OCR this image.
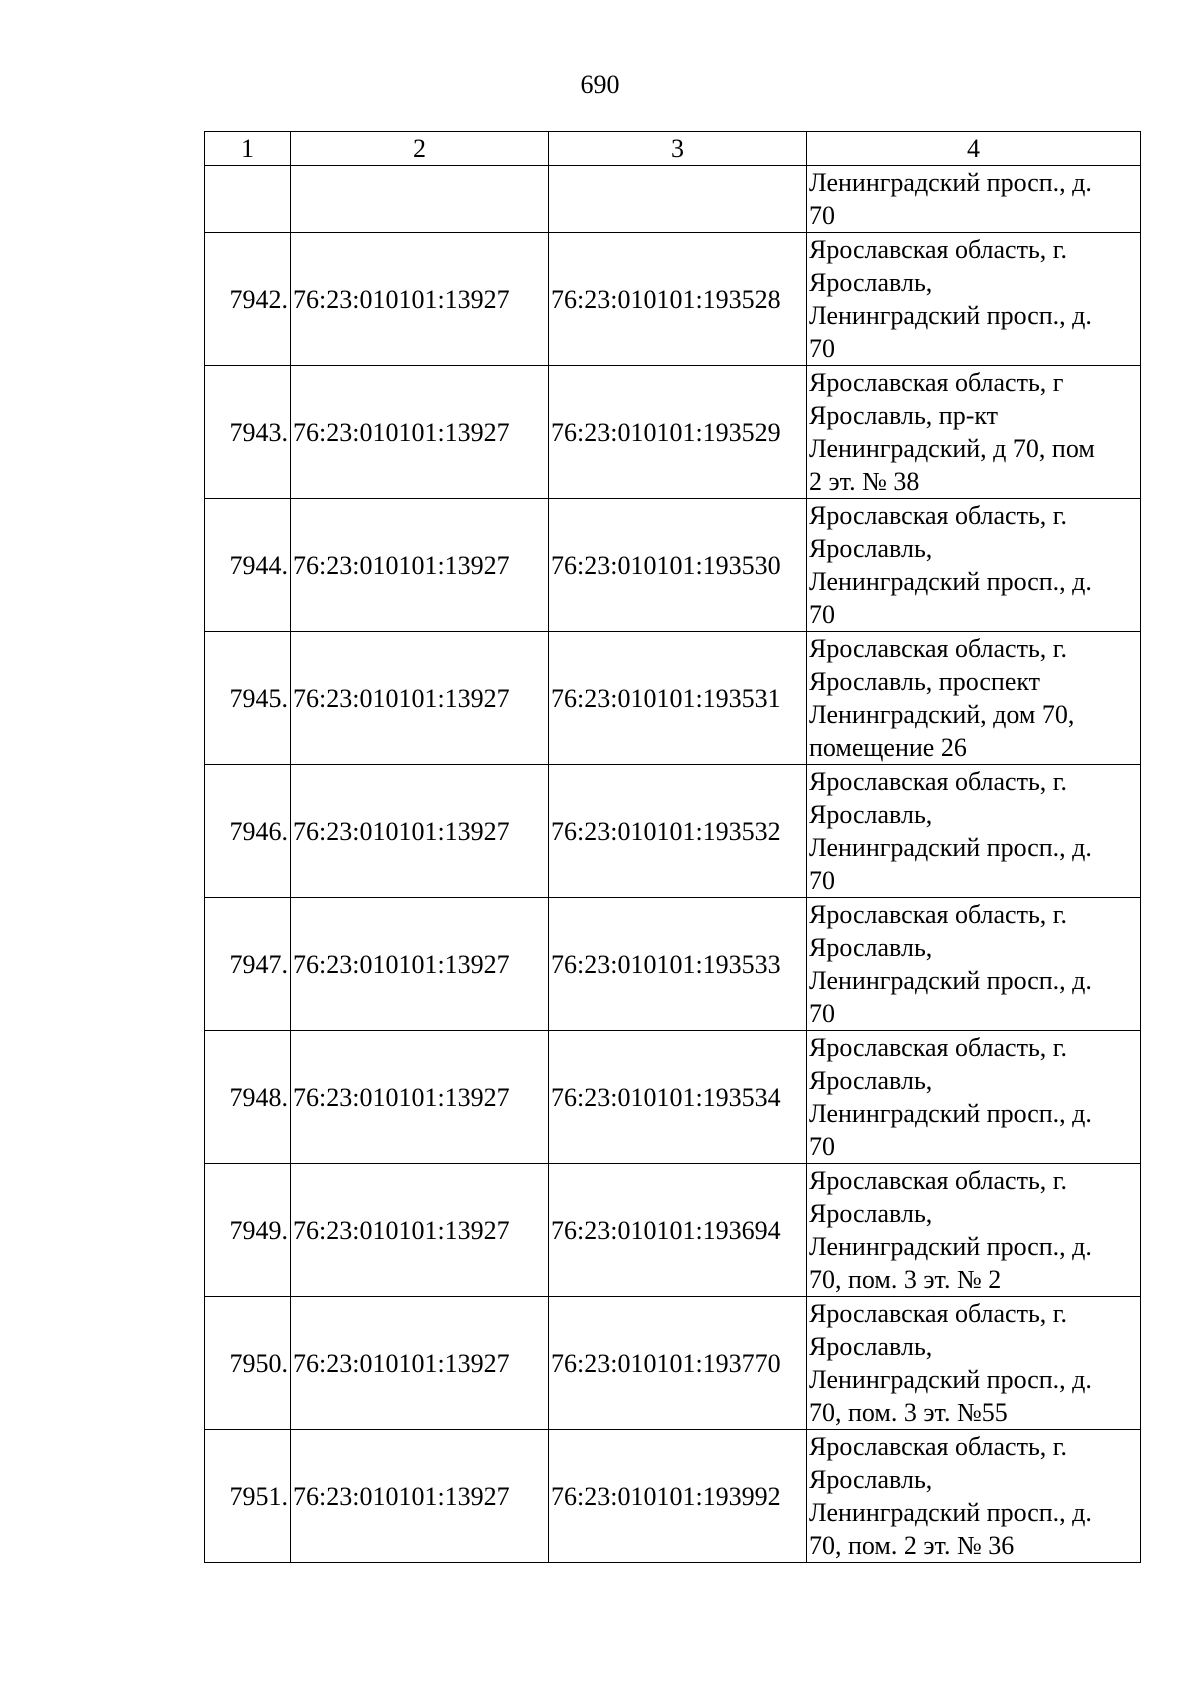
690
1	2	3	4

			Ленинградский просп., д.
70

7942.	76:23:010101:13927	76:23:010101:193528	Ярославская область, г.
Ярославль,
Ленинградский просп., д.
70

7943.	76:23:010101:13927	76:23:010101:193529	Ярославская область, г
Ярославль, пр-кт
Ленинградский, д 70, пом
2 эт. № 38

7944.	76:23:010101:13927	76:23:010101:193530	Ярославская область, г.
Ярославль,
Ленинградский просп., д.
70

7945.	76:23:010101:13927	76:23:010101:193531	Ярославская область, г.
Ярославль, проспект
Ленинградский, дом 70,
помещение 26

7946.	76:23:010101:13927	76:23:010101:193532	Ярославская область, г.
Ярославль,
Ленинградский просп., д.
70

7947.	76:23:010101:13927	76:23:010101:193533	Ярославская область, г.
Ярославль,
Ленинградский просп., д.
70

7948.	76:23:010101:13927	76:23:010101:193534	Ярославская область, г.
Ярославль,
Ленинградский просп., д.
70

7949.	76:23:010101:13927	76:23:010101:193694	Ярославская область, г.
Ярославль,
Ленинградский просп., д.
70, пом. 3 эт. № 2

7950.	76:23:010101:13927	76:23:010101:193770	Ярославская область, г.
Ярославль,
Ленинградский просп., д.
70, пом. 3 эт. №55

7951.	76:23:010101:13927	76:23:010101:193992	Ярославская область, г.
Ярославль,
Ленинградский просп., д.
70, пом. 2 эт. № 36
